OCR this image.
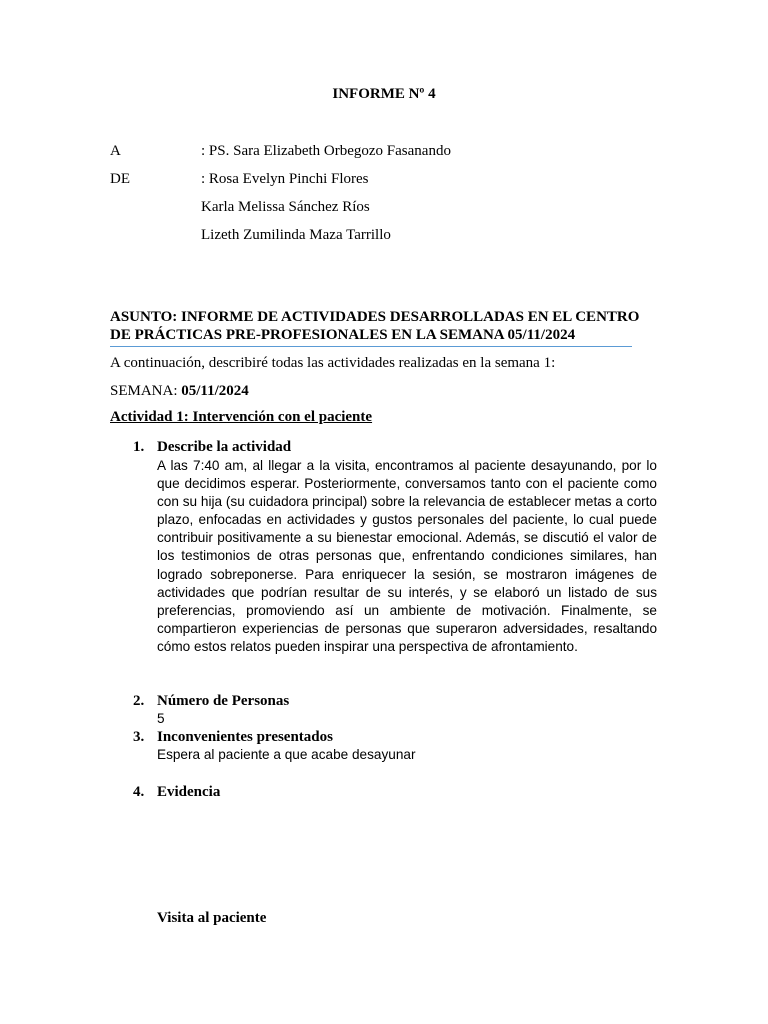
INFORME Nº 4
A	: PS. Sara Elizabeth Orbegozo Fasanando
DE	: Rosa Evelyn Pinchi Flores
Karla Melissa Sánchez Ríos
Lizeth Zumilinda Maza Tarrillo
ASUNTO: INFORME DE ACTIVIDADES DESARROLLADAS EN EL CENTRO DE PRÁCTICAS PRE-PROFESIONALES EN LA SEMANA 05/11/2024
A continuación, describiré todas las actividades realizadas en la semana 1:
SEMANA: 05/11/2024
Actividad 1: Intervención con el paciente
1. Describe la actividad
A las 7:40 am, al llegar a la visita, encontramos al paciente desayunando, por lo que decidimos esperar. Posteriormente, conversamos tanto con el paciente como con su hija (su cuidadora principal) sobre la relevancia de establecer metas a corto plazo, enfocadas en actividades y gustos personales del paciente, lo cual puede contribuir positivamente a su bienestar emocional. Además, se discutió el valor de los testimonios de otras personas que, enfrentando condiciones similares, han logrado sobreponerse. Para enriquecer la sesión, se mostraron imágenes de actividades que podrían resultar de su interés, y se elaboró un listado de sus preferencias, promoviendo así un ambiente de motivación. Finalmente, se compartieron experiencias de personas que superaron adversidades, resaltando cómo estos relatos pueden inspirar una perspectiva de afrontamiento.
2. Número de Personas
5
3. Inconvenientes presentados
Espera al paciente a que acabe desayunar
4. Evidencia
Visita al paciente
